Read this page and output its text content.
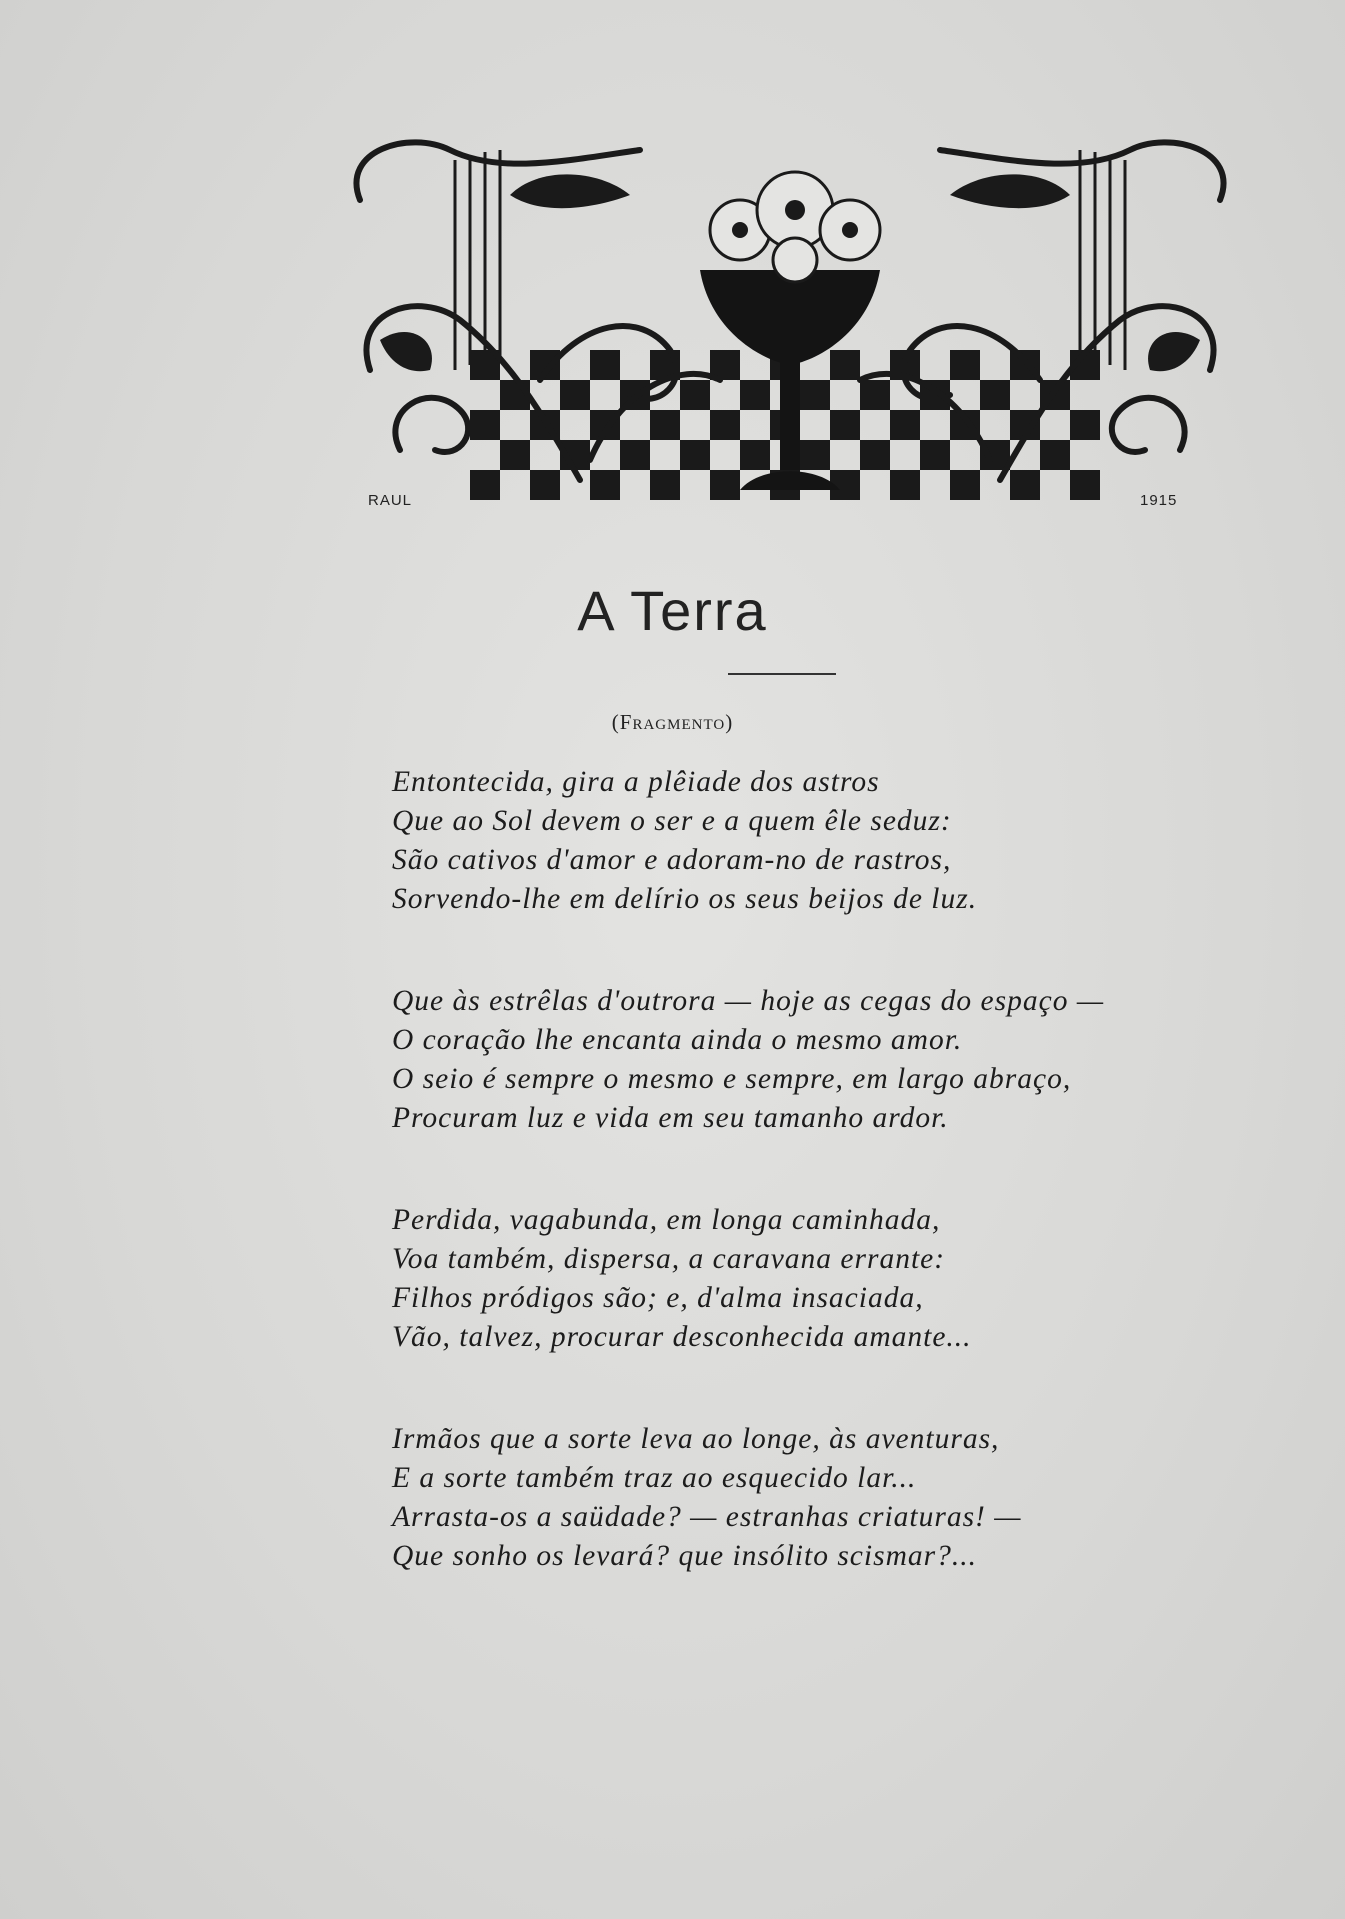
RAUL	1915
A Terra
(Fragmento)
Entontecida, gira a plêiade dos astros
Que ao Sol devem o ser e a quem êle seduz:
São cativos d'amor e adoram-no de rastros,
Sorvendo-lhe em delírio os seus beijos de luz.
Que às estrêlas d'outrora — hoje as cegas do espaço —
O coração lhe encanta ainda o mesmo amor.
O seio é sempre o mesmo e sempre, em largo abraço,
Procuram luz e vida em seu tamanho ardor.
Perdida, vagabunda, em longa caminhada,
Voa também, dispersa, a caravana errante:
Filhos pródigos são; e, d'alma insaciada,
Vão, talvez, procurar desconhecida amante...
Irmãos que a sorte leva ao longe, às aventuras,
E a sorte também traz ao esquecido lar...
Arrasta-os a saüdade? — estranhas criaturas! —
Que sonho os levará? que insólito scismar?...
